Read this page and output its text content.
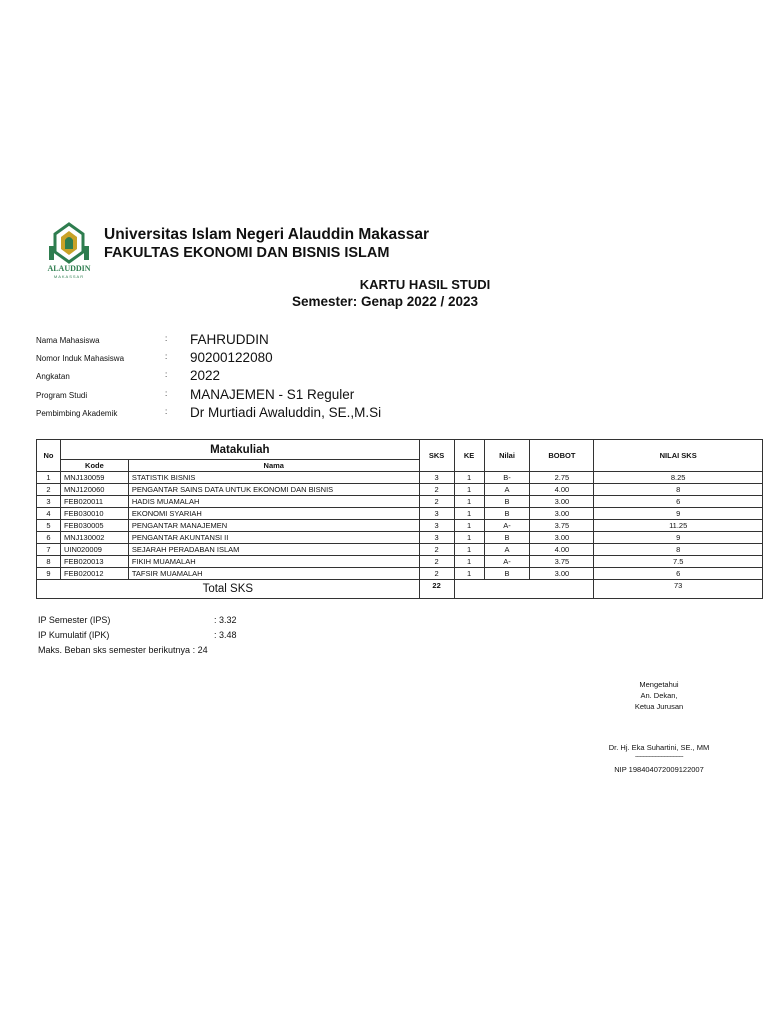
ALAUDDIN
MAKASSAR
Universitas Islam Negeri Alauddin Makassar
FAKULTAS EKONOMI DAN BISNIS ISLAM
KARTU HASIL STUDI
Semester: Genap 2022 / 2023
Nama Mahasiswa	: FAHRUDDIN
Nomor Induk Mahasiswa	: 90200122080
Angkatan	: 2022
Program Studi	: MANAJEMEN - S1 Reguler
Pembimbing Akademik	: Dr Murtiadi Awaluddin, SE.,M.Si
No	Matakuliah		SKS	KE	Nilai	BOBOT	NILAI SKS
	Kode	Nama					
1	MNJ130059	STATISTIK BISNIS	3	1	B-	2.75	8.25
2	MNJ120060	PENGANTAR SAINS DATA UNTUK EKONOMI DAN BISNIS	2	1	A	4.00	8
3	FEB020011	HADIS MUAMALAH	2	1	B	3.00	6
4	FEB030010	EKONOMI SYARIAH	3	1	B	3.00	9
5	FEB030005	PENGANTAR MANAJEMEN	3	1	A-	3.75	11.25
6	MNJ130002	PENGANTAR AKUNTANSI II	3	1	B	3.00	9
7	UIN020009	SEJARAH PERADABAN ISLAM	2	1	A	4.00	8
8	FEB020013	FIKIH MUAMALAH	2	1	A-	3.75	7.5
9	FEB020012	TAFSIR MUAMALAH	2	1	B	3.00	6
Total SKS			22				73
IP Semester (IPS)	: 3.32
IP Kumulatif (IPK)	: 3.48
Maks. Beban sks semester berikutnya : 24
Mengetahui
An. Dekan,
Ketua Jurusan
Dr. Hj. Eka Suhartini, SE., MM
--------------------------------
NIP 198404072009122007
